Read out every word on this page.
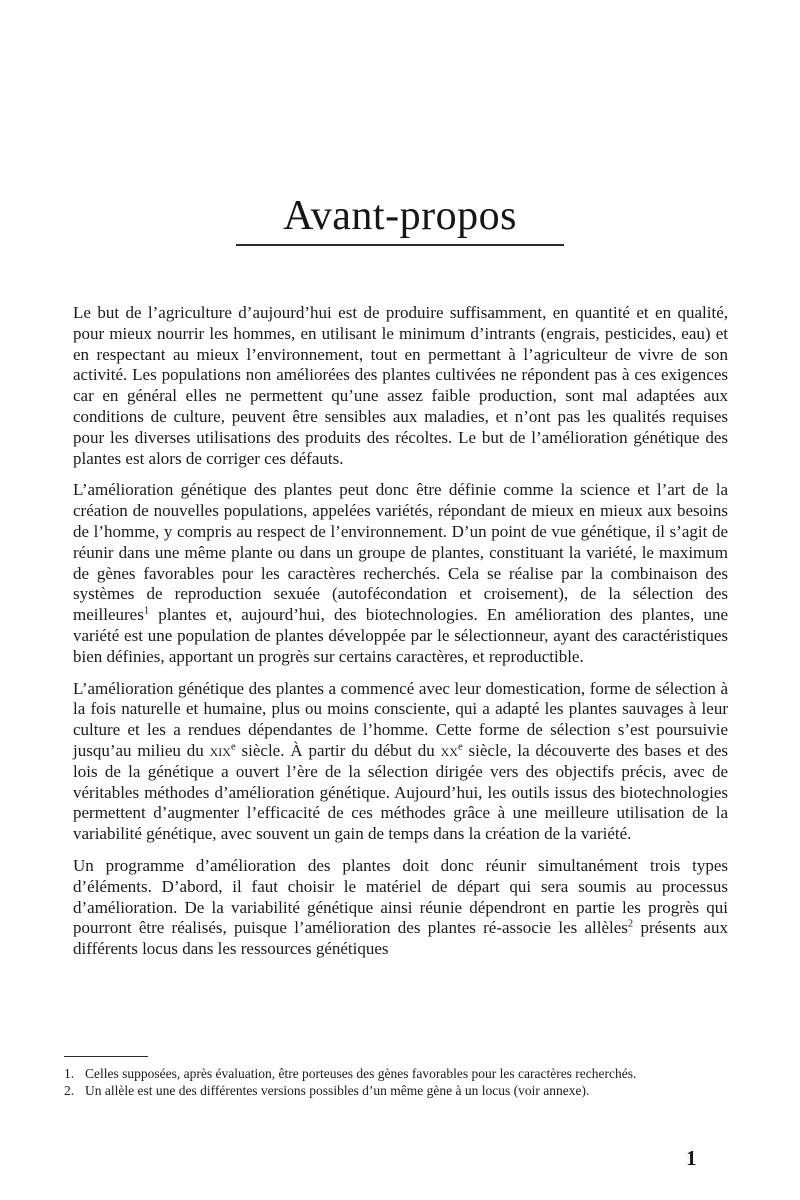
Avant-propos

Le but de l’agriculture d’aujourd’hui est de produire suffisamment, en quantité et en qualité, pour mieux nourrir les hommes, en utilisant le minimum d’intrants (engrais, pesticides, eau) et en respectant au mieux l’environnement, tout en permettant à l’agriculteur de vivre de son activité. Les populations non améliorées des plantes cultivées ne répondent pas à ces exigences car en général elles ne permettent qu’une assez faible production, sont mal adaptées aux conditions de culture, peuvent être sensibles aux maladies, et n’ont pas les qualités requises pour les diverses utilisations des produits des récoltes. Le but de l’amélioration génétique des plantes est alors de corriger ces défauts.

L’amélioration génétique des plantes peut donc être définie comme la science et l’art de la création de nouvelles populations, appelées variétés, répondant de mieux en mieux aux besoins de l’homme, y compris au respect de l’environnement. D’un point de vue génétique, il s’agit de réunir dans une même plante ou dans un groupe de plantes, constituant la variété, le maximum de gènes favorables pour les caractères recherchés. Cela se réalise par la combinaison des systèmes de reproduction sexuée (autofécondation et croisement), de la sélection des meilleures$^1$ plantes et, aujourd’hui, des biotechnologies. En amélioration des plantes, une variété est une population de plantes développée par le sélectionneur, ayant des caractéristiques bien définies, apportant un progrès sur certains caractères, et reproductible.

L’amélioration génétique des plantes a commencé avec leur domestication, forme de sélection à la fois naturelle et humaine, plus ou moins consciente, qui a adapté les plantes sauvages à leur culture et les a rendues dépendantes de l’homme. Cette forme de sélection s’est poursuivie jusqu’au milieu du xix$^e$ siècle. À partir du début du $xx^e$ siècle, la découverte des bases et des lois de la génétique a ouvert l’ère de la sélection dirigée vers des objectifs précis, avec de véritables méthodes d’amélioration génétique. Aujourd’hui, les outils issus des biotechnologies permettent d’augmenter l’efficacité de ces méthodes grâce à une meilleure utilisation de la variabilité génétique, avec souvent un gain de temps dans la création de la variété.

Un programme d’amélioration des plantes doit donc réunir simultanément trois types d’éléments. D’abord, il faut choisir le matériel de départ qui sera soumis au processus d’amélioration. De la variabilité génétique ainsi réunie dépendront en partie les progrès qui pourront être réalisés, puisque l’amélioration des plantes ré-associe les allèles$^2$ présents aux différents locus dans les ressources génétiques

1. Celles supposées, après évaluation, être porteuses des gènes favorables pour les caractères recherchés.
2. Un allèle est une des différentes versions possibles d’un même gène à un locus (voir annexe).
1
